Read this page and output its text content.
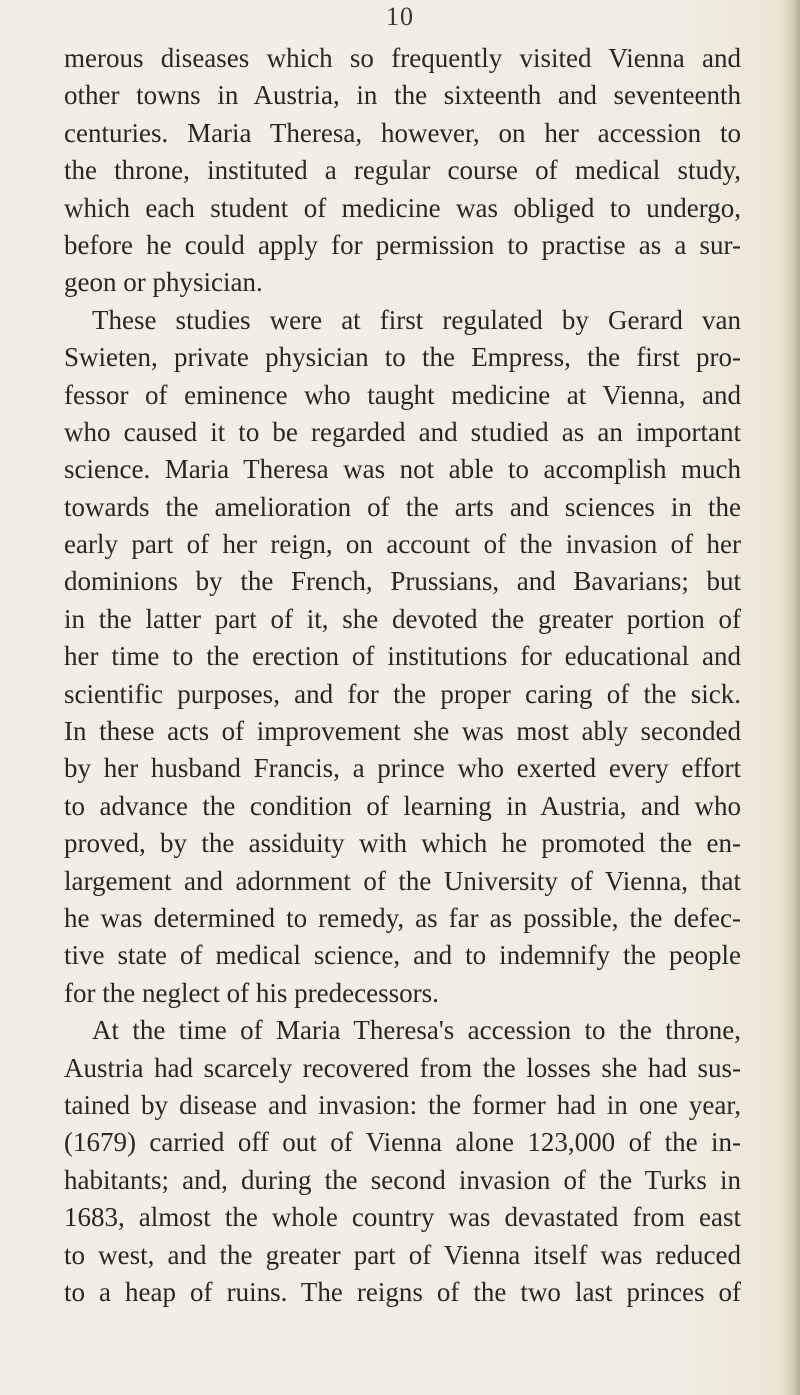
10
merous diseases which so frequently visited Vienna and
other towns in Austria, in the sixteenth and seventeenth
centuries. Maria Theresa, however, on her accession to
the throne, instituted a regular course of medical study,
which each student of medicine was obliged to undergo,
before he could apply for permission to practise as a sur-
geon or physician.
These studies were at first regulated by Gerard van
Swieten, private physician to the Empress, the first pro-
fessor of eminence who taught medicine at Vienna, and
who caused it to be regarded and studied as an important
science. Maria Theresa was not able to accomplish much
towards the amelioration of the arts and sciences in the
early part of her reign, on account of the invasion of her
dominions by the French, Prussians, and Bavarians; but
in the latter part of it, she devoted the greater portion of
her time to the erection of institutions for educational and
scientific purposes, and for the proper caring of the sick.
In these acts of improvement she was most ably seconded
by her husband Francis, a prince who exerted every effort
to advance the condition of learning in Austria, and who
proved, by the assiduity with which he promoted the en-
largement and adornment of the University of Vienna, that
he was determined to remedy, as far as possible, the defec-
tive state of medical science, and to indemnify the people
for the neglect of his predecessors.
At the time of Maria Theresa's accession to the throne,
Austria had scarcely recovered from the losses she had sus-
tained by disease and invasion: the former had in one year,
(1679) carried off out of Vienna alone 123,000 of the in-
habitants; and, during the second invasion of the Turks in
1683, almost the whole country was devastated from east
to west, and the greater part of Vienna itself was reduced
to a heap of ruins. The reigns of the two last princes of
